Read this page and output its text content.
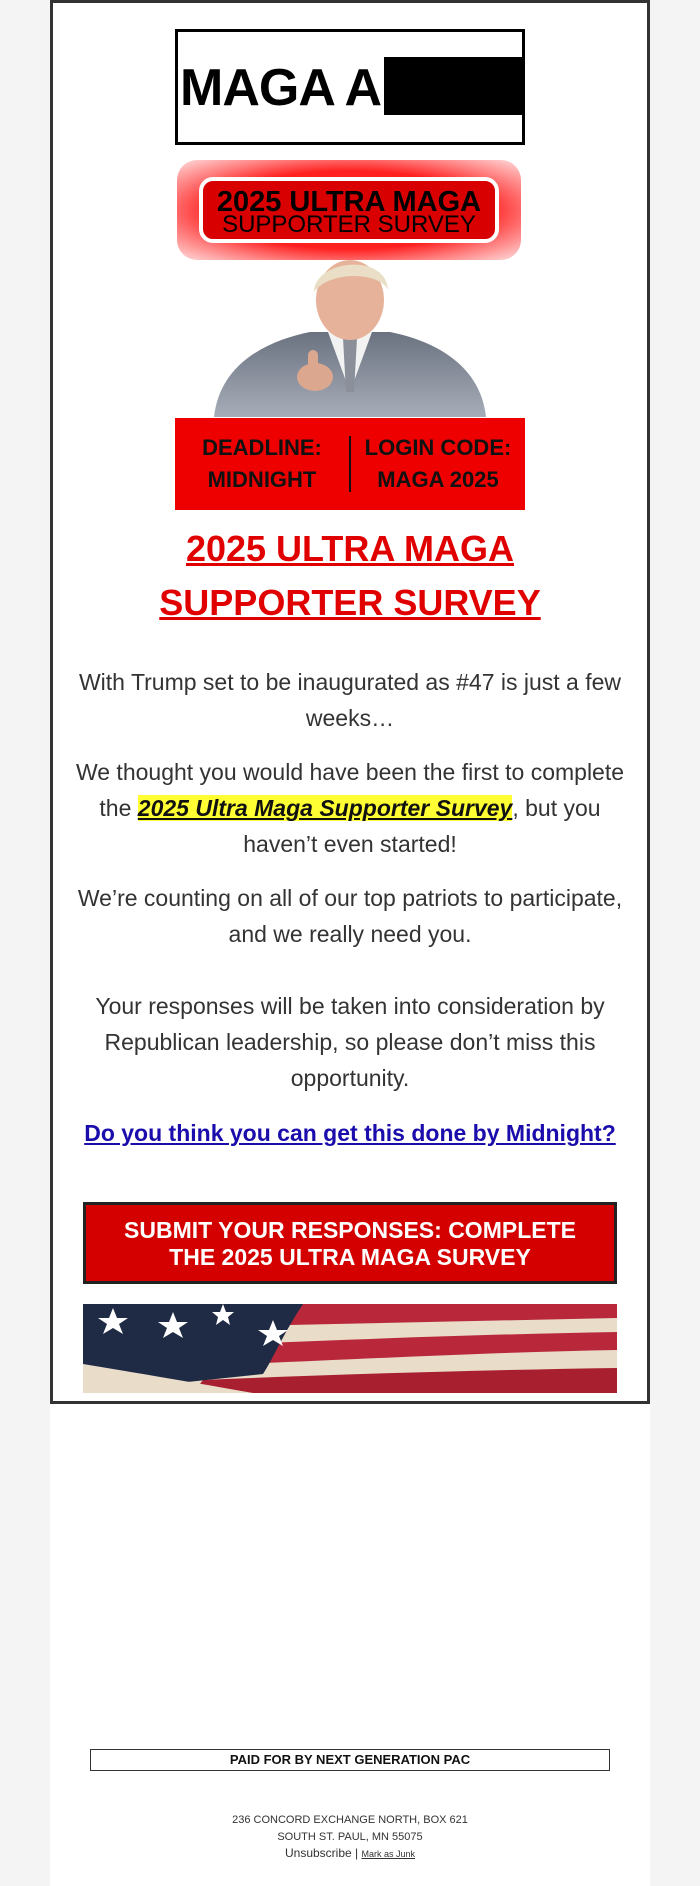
MAGA A
2025 ULTRA MAGA
SUPPORTER SURVEY
DEADLINE:
MIDNIGHT
LOGIN CODE:
MAGA 2025
2025 ULTRA MAGA
SUPPORTER SURVEY
With Trump set to be inaugurated as #47 is just a few weeks…
We thought you would have been the first to complete the 2025 Ultra Maga Supporter Survey, but you haven’t even started!
We’re counting on all of our top patriots to participate, and we really need you.
Your responses will be taken into consideration by Republican leadership, so please don’t miss this opportunity.
Do you think you can get this done by Midnight?
SUBMIT YOUR RESPONSES: COMPLETE
THE 2025 ULTRA MAGA SURVEY
PAID FOR BY NEXT GENERATION PAC
236 CONCORD EXCHANGE NORTH, BOX 621
SOUTH ST. PAUL, MN 55075
Unsubscribe | Mark as Junk
